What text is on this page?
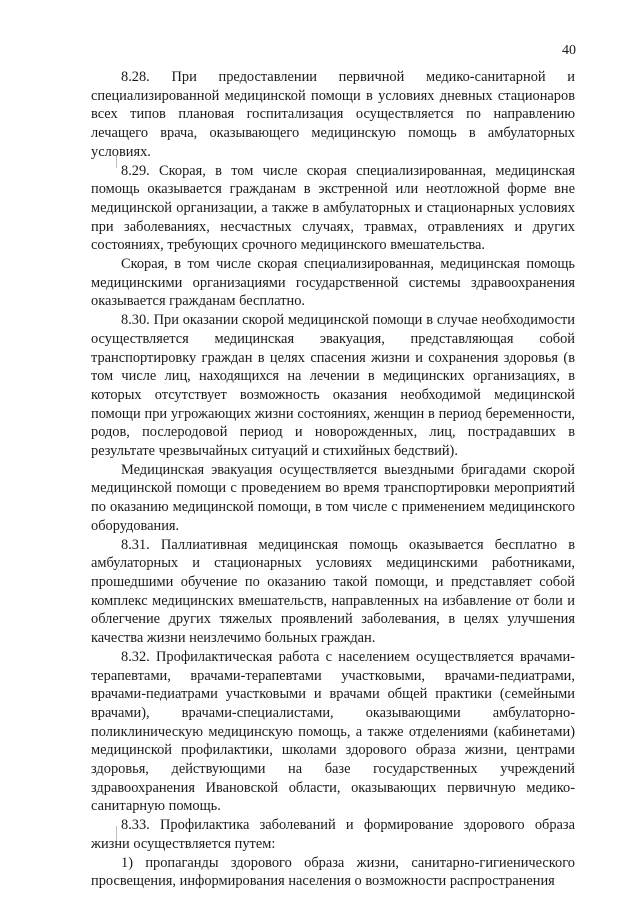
40

8.28. При предоставлении первичной медико-санитарной и специализированной медицинской помощи в условиях дневных стационаров всех типов плановая госпитализация осуществляется по направлению лечащего врача, оказывающего медицинскую помощь в амбулаторных условиях.

8.29. Скорая, в том числе скорая специализированная, медицинская помощь оказывается гражданам в экстренной или неотложной форме вне медицинской организации, а также в амбулаторных и стационарных условиях при заболеваниях, несчастных случаях, травмах, отравлениях и других состояниях, требующих срочного медицинского вмешательства.

Скорая, в том числе скорая специализированная, медицинская помощь медицинскими организациями государственной системы здравоохранения оказывается гражданам бесплатно.

8.30. При оказании скорой медицинской помощи в случае необходимости осуществляется медицинская эвакуация, представляющая собой транспортировку граждан в целях спасения жизни и сохранения здоровья (в том числе лиц, находящихся на лечении в медицинских организациях, в которых отсутствует возможность оказания необходимой медицинской помощи при угрожающих жизни состояниях, женщин в период беременности, родов, послеродовой период и новорожденных, лиц, пострадавших в результате чрезвычайных ситуаций и стихийных бедствий).

Медицинская эвакуация осуществляется выездными бригадами скорой медицинской помощи с проведением во время транспортировки мероприятий по оказанию медицинской помощи, в том числе с применением медицинского оборудования.

8.31. Паллиативная медицинская помощь оказывается бесплатно в амбулаторных и стационарных условиях медицинскими работниками, прошедшими обучение по оказанию такой помощи, и представляет собой комплекс медицинских вмешательств, направленных на избавление от боли и облегчение других тяжелых проявлений заболевания, в целях улучшения качества жизни неизлечимо больных граждан.

8.32. Профилактическая работа с населением осуществляется врачами-терапевтами, врачами-терапевтами участковыми, врачами-педиатрами, врачами-педиатрами участковыми и врачами общей практики (семейными врачами), врачами-специалистами, оказывающими амбулаторно-поликлиническую медицинскую помощь, а также отделениями (кабинетами) медицинской профилактики, школами здорового образа жизни, центрами здоровья, действующими на базе государственных учреждений здравоохранения Ивановской области, оказывающих первичную медико-санитарную помощь.

8.33. Профилактика заболеваний и формирование здорового образа жизни осуществляется путем:

1) пропаганды здорового образа жизни, санитарно-гигиенического просвещения, информирования населения о возможности распространения
